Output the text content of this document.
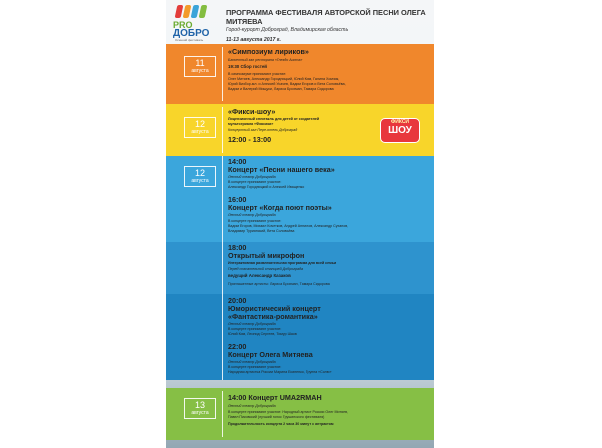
PRO
ДОБРО
Осенний фестиваль
ПРОГРАММА ФЕСТИВАЛЯ АВТОРСКОЙ ПЕСНИ ОЛЕГА МИТЯЕВА
Город-курорт Доброград, Владимирская область
11-13 августа 2017 г.
11
августа
«Симпозиум лириков»
Банкетный зал ресторана «Гнездо Аиста»
19:30 Сбор гостей
В симпозиуме принимают участие:
Олег Митяев, Александр Городницкий, Юлий Ким, Галина Хомчик,
Юрий Визбор-мл. и Алексей Усачев, Вадим Егоров и Вета Соловьёва,
Вадим и Валерий Мищуки, Лариса Брохман, Тамара Сидорова
12
августа
«Фикси-шоу»
Лицензионный спектакль для детей от создателей
мультсериала «Фиксики»
Концертный зал Пере-отель Доброград
12:00 - 13:00
ФИКСИ
ШОУ
12
августа
14:00
Концерт «Песни нашего века»
Летний театр Доброграда
В концерте принимают участие:
Александр Городницкий и Алексей Иващенко
16:00
Концерт «Когда поют поэты»
Летний театр Доброграда
В концерте принимают участие:
Вадим Егоров, Михаил Кочетков, Андрей Анпилов, Александр Суханов,
Владимир Туриянский, Вета Соловьёва
18:00
Открытый микрофон
Интерактивная развлекательная программа для всей семьи
Перед спасательной станцией Доброграда
ведущий Александр Казаков
Приглашенные артисты: Лариса Брохман, Тамара Сидорова
20:00
Юмористический концерт
«Фантастика-романтика»
Летний театр Доброграда
В концерте принимают участие:
Юлий Ким, Леонид Сергеев, Тимур Шаов
22:00
Концерт Олега Митяева
Летний театр Доброграда
В концерте принимают участие:
Народная артистка России Марина Есипенко, Группа «Солю»
13
августа
14:00 Концерт UMA2RMAH
Летний театр Доброграда
В концерте принимают участие: Народный артист России Олег Митяев,
Павел Пиковский (лучший голос Грушинского фестиваля)
Продолжительность концерта 2 часа 30 минут с антрактом
